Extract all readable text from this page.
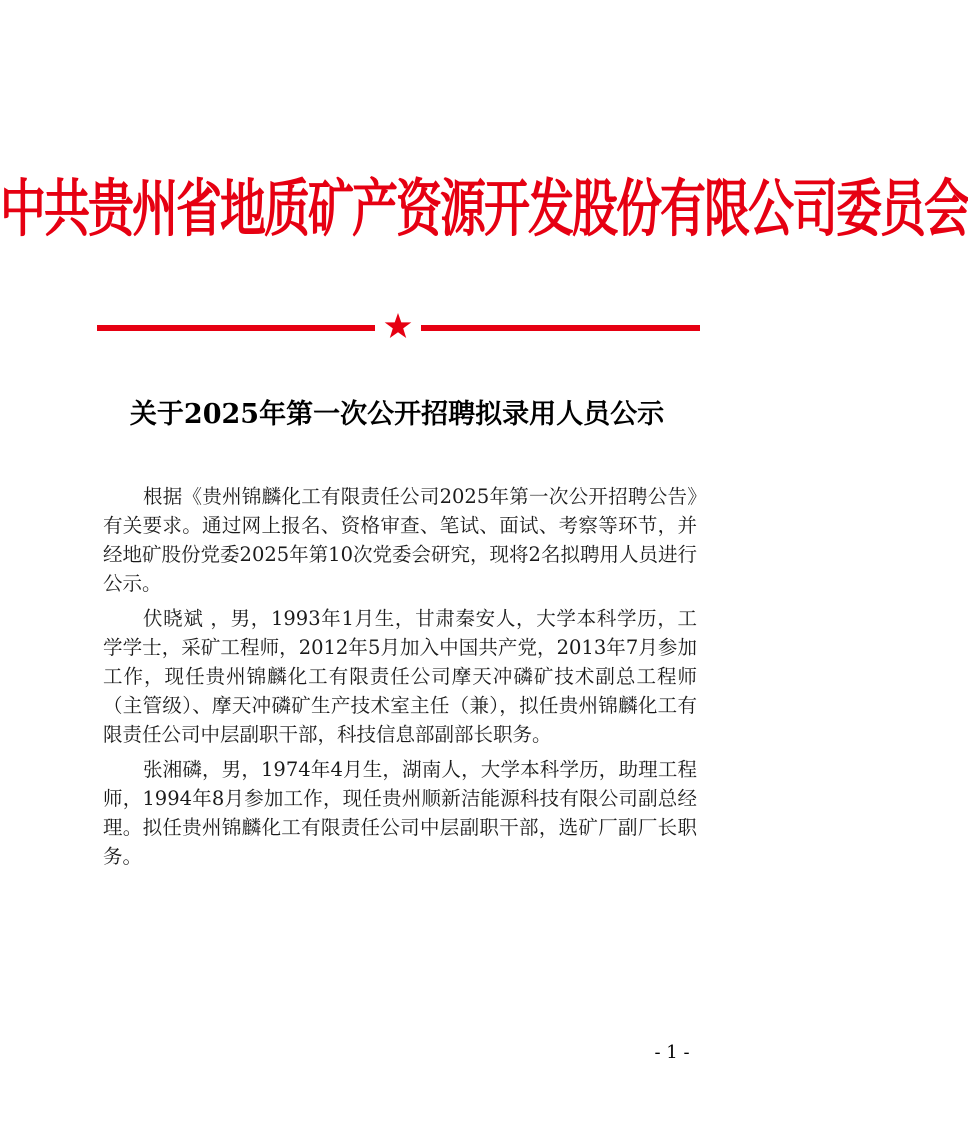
中共贵州省地质矿产资源开发股份有限公司委员会
关于2025年第一次公开招聘拟录用人员公示

根据《贵州锦麟化工有限责任公司2025年第一次公开招聘公告》有关要求。通过网上报名、资格审查、笔试、面试、考察等环节，并经地矿股份党委2025年第10次党委会研究，现将2名拟聘用人员进行公示。

伏晓斌 ，男，1993年1月生，甘肃秦安人，大学本科学历，工学学士，采矿工程师，2012年5月加入中国共产党，2013年7月参加工作，现任贵州锦麟化工有限责任公司摩天冲磷矿技术副总工程师（主管级）、摩天冲磷矿生产技术室主任（兼），拟任贵州锦麟化工有限责任公司中层副职干部，科技信息部副部长职务。

张湘磷，男，1974年4月生，湖南人，大学本科学历，助理工程师，1994年8月参加工作，现任贵州顺新洁能源科技有限公司副总经理。拟任贵州锦麟化工有限责任公司中层副职干部，选矿厂副厂长职务。

- 1 -
